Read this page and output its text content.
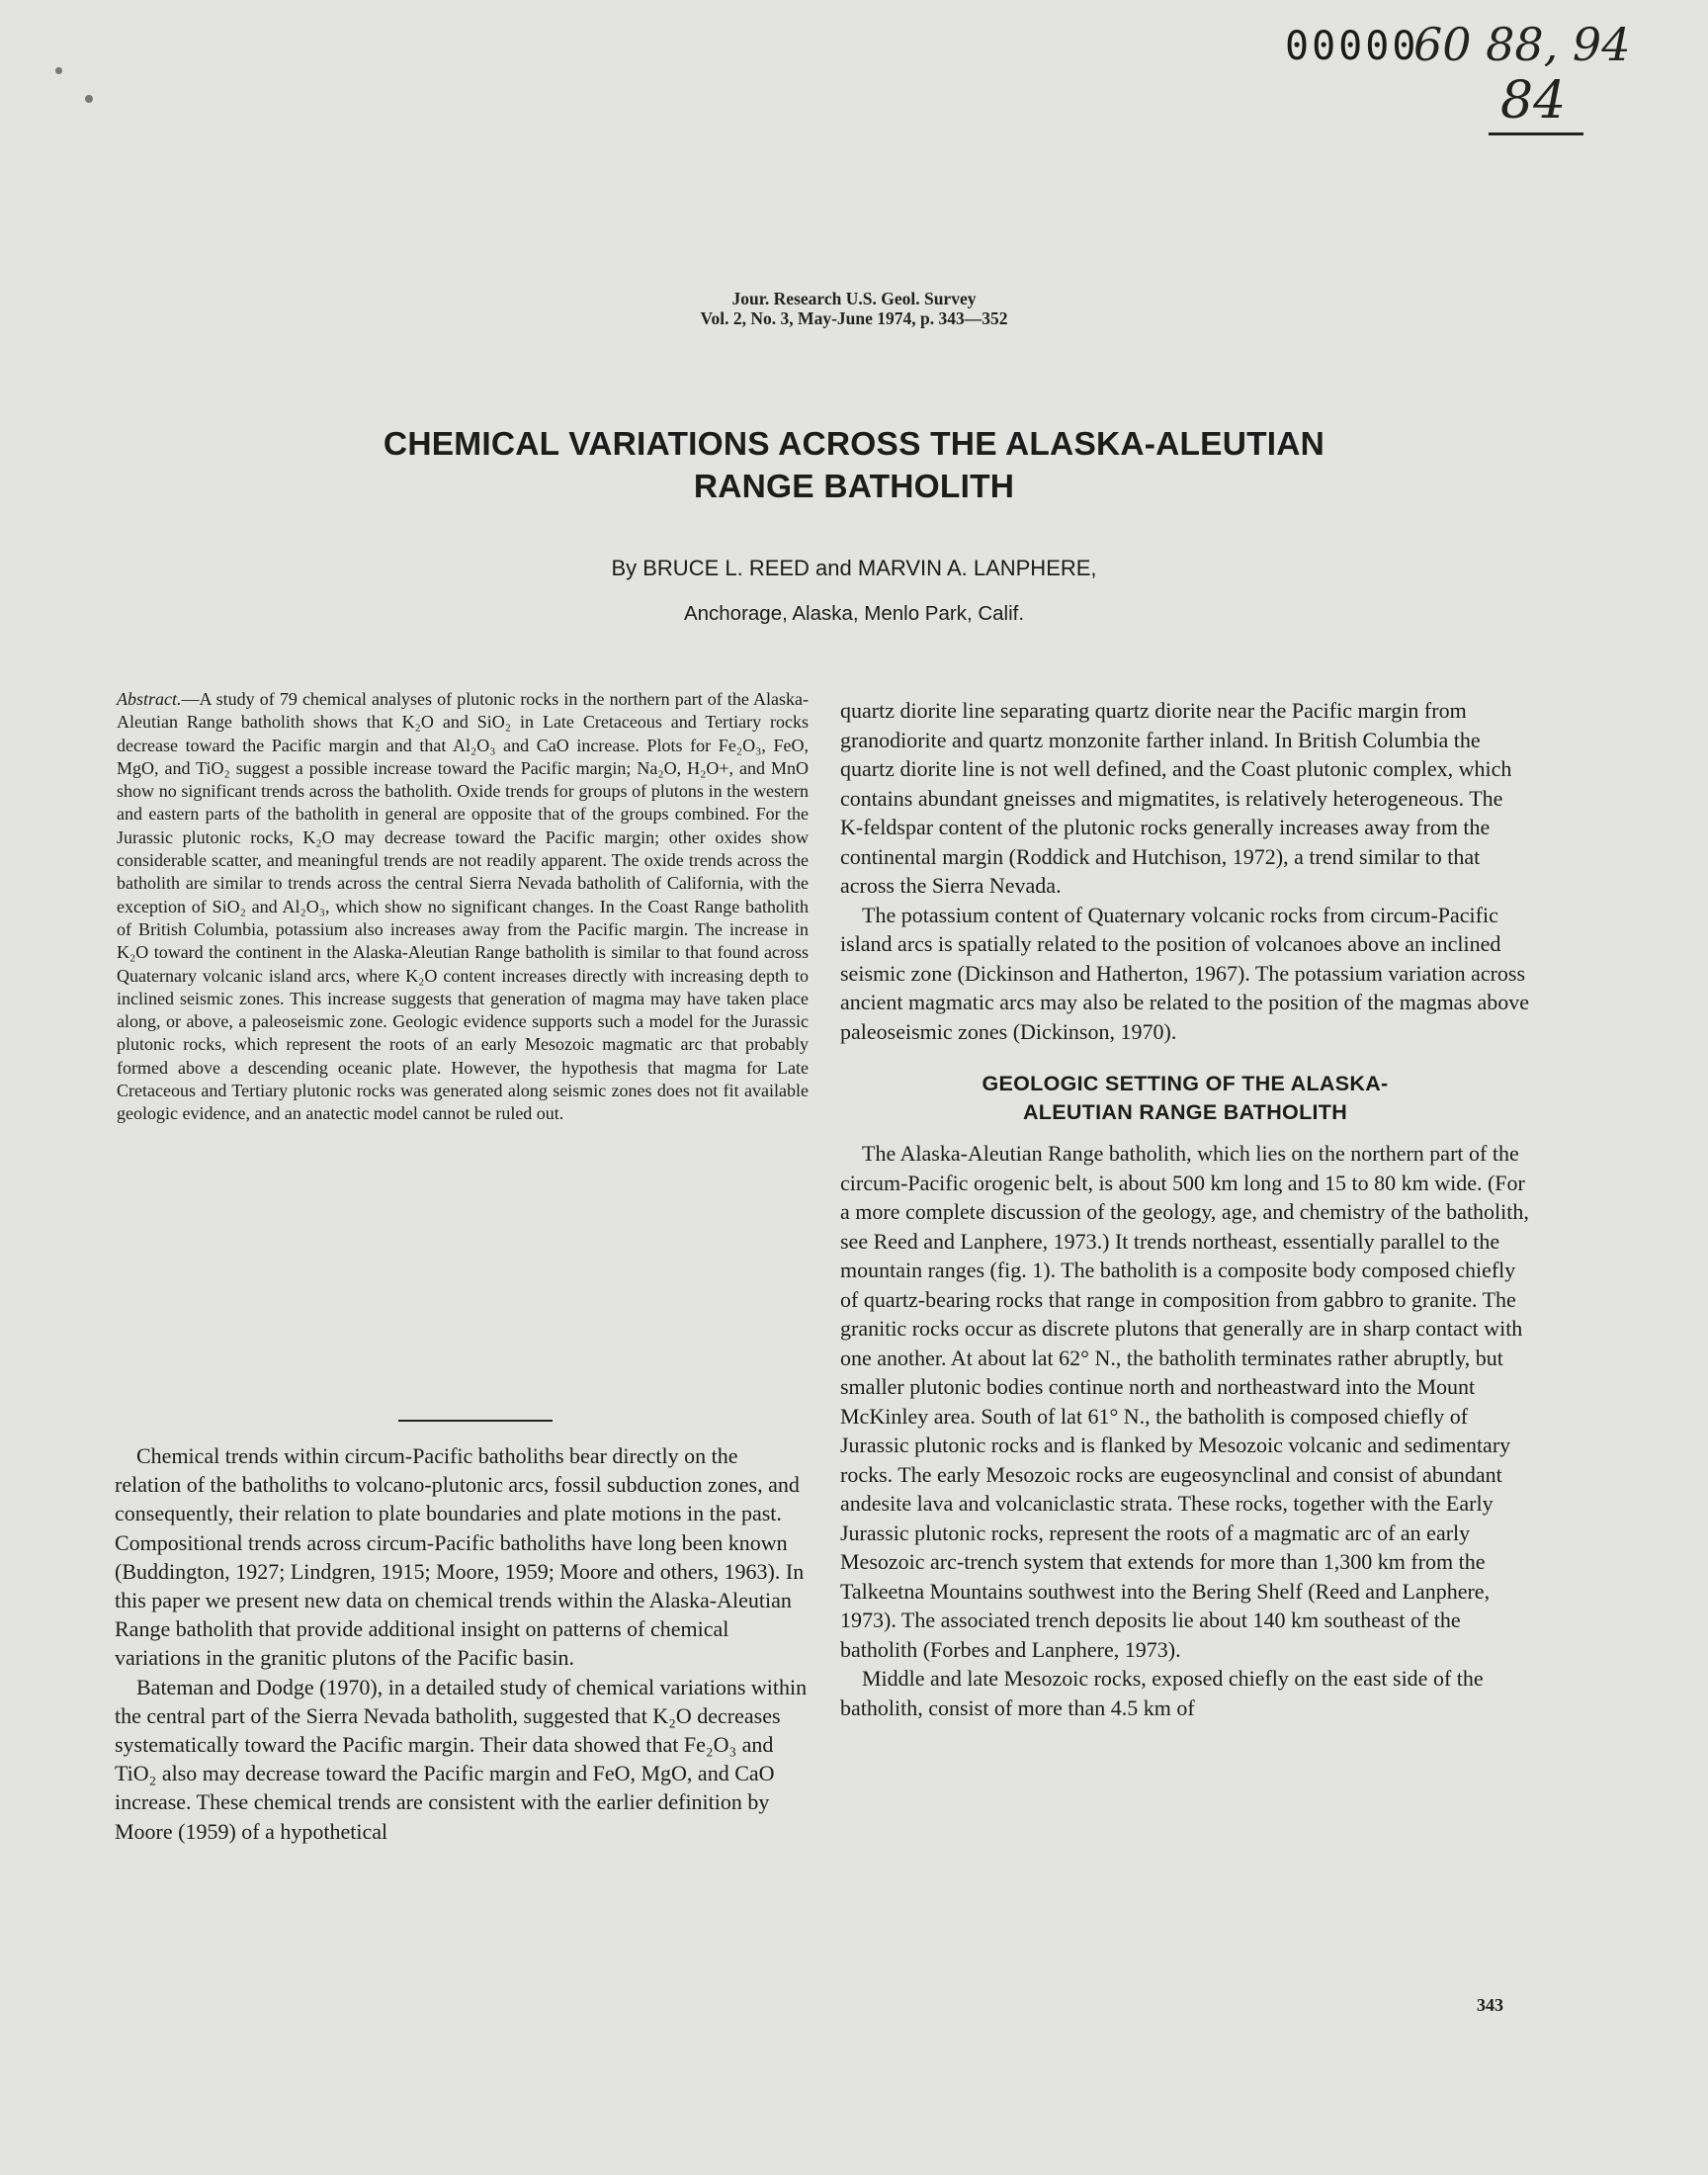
00000
60 88, 94
84
Jour. Research U.S. Geol. Survey
Vol. 2, No. 3, May-June 1974, p. 343—352
CHEMICAL VARIATIONS ACROSS THE ALASKA-ALEUTIAN
RANGE BATHOLITH
By BRUCE L. REED and MARVIN A. LANPHERE,
Anchorage, Alaska, Menlo Park, Calif.

Abstract.—A study of 79 chemical analyses of plutonic rocks in the northern part of the Alaska-Aleutian Range batholith shows that K₂O and SiO₂ in Late Cretaceous and Tertiary rocks decrease toward the Pacific margin and that Al₂O₃ and CaO increase. Plots for Fe₂O₃, FeO, MgO, and TiO₂ suggest a possible increase toward the Pacific margin; Na₂O, H₂O+, and MnO show no significant trends across the batholith. Oxide trends for groups of plutons in the western and eastern parts of the batholith in general are opposite that of the groups combined. For the Jurassic plutonic rocks, K₂O may decrease toward the Pacific margin; other oxides show considerable scatter, and meaningful trends are not readily apparent. The oxide trends across the batholith are similar to trends across the central Sierra Nevada batholith of California, with the exception of SiO₂ and Al₂O₃, which show no significant changes. In the Coast Range batholith of British Columbia, potassium also increases away from the Pacific margin. The increase in K₂O toward the continent in the Alaska-Aleutian Range batholith is similar to that found across Quaternary volcanic island arcs, where K₂O content increases directly with increasing depth to inclined seismic zones. This increase suggests that generation of magma may have taken place along, or above, a paleoseismic zone. Geologic evidence supports such a model for the Jurassic plutonic rocks, which represent the roots of an early Mesozoic magmatic arc that probably formed above a descending oceanic plate. However, the hypothesis that magma for Late Cretaceous and Tertiary plutonic rocks was generated along seismic zones does not fit available geologic evidence, and an anatectic model cannot be ruled out.

Chemical trends within circum-Pacific batholiths bear directly on the relation of the batholiths to volcano-plutonic arcs, fossil subduction zones, and consequently, their relation to plate boundaries and plate motions in the past. Compositional trends across circum-Pacific batholiths have long been known (Buddington, 1927; Lindgren, 1915; Moore, 1959; Moore and others, 1963). In this paper we present new data on chemical trends within the Alaska-Aleutian Range batholith that provide additional insight on patterns of chemical variations in the granitic plutons of the Pacific basin.

Bateman and Dodge (1970), in a detailed study of chemical variations within the central part of the Sierra Nevada batholith, suggested that K₂O decreases systematically toward the Pacific margin. Their data showed that Fe₂O₃ and TiO₂ also may decrease toward the Pacific margin and FeO, MgO, and CaO increase. These chemical trends are consistent with the earlier definition by Moore (1959) of a hypothetical

quartz diorite line separating quartz diorite near the Pacific margin from granodiorite and quartz monzonite farther inland. In British Columbia the quartz diorite line is not well defined, and the Coast plutonic complex, which contains abundant gneisses and migmatites, is relatively heterogeneous. The K-feldspar content of the plutonic rocks generally increases away from the continental margin (Roddick and Hutchison, 1972), a trend similar to that across the Sierra Nevada.

The potassium content of Quaternary volcanic rocks from circum-Pacific island arcs is spatially related to the position of volcanoes above an inclined seismic zone (Dickinson and Hatherton, 1967). The potassium variation across ancient magmatic arcs may also be related to the position of the magmas above paleoseismic zones (Dickinson, 1970).

GEOLOGIC SETTING OF THE ALASKA-
ALEUTIAN RANGE BATHOLITH

The Alaska-Aleutian Range batholith, which lies on the northern part of the circum-Pacific orogenic belt, is about 500 km long and 15 to 80 km wide. (For a more complete discussion of the geology, age, and chemistry of the batholith, see Reed and Lanphere, 1973.) It trends northeast, essentially parallel to the mountain ranges (fig. 1). The batholith is a composite body composed chiefly of quartz-bearing rocks that range in composition from gabbro to granite. The granitic rocks occur as discrete plutons that generally are in sharp contact with one another. At about lat 62° N., the batholith terminates rather abruptly, but smaller plutonic bodies continue north and northeastward into the Mount McKinley area. South of lat 61° N., the batholith is composed chiefly of Jurassic plutonic rocks and is flanked by Mesozoic volcanic and sedimentary rocks. The early Mesozoic rocks are eugeosynclinal and consist of abundant andesite lava and volcaniclastic strata. These rocks, together with the Early Jurassic plutonic rocks, represent the roots of a magmatic arc of an early Mesozoic arc-trench system that extends for more than 1,300 km from the Talkeetna Mountains southwest into the Bering Shelf (Reed and Lanphere, 1973). The associated trench deposits lie about 140 km southeast of the batholith (Forbes and Lanphere, 1973).

Middle and late Mesozoic rocks, exposed chiefly on the east side of the batholith, consist of more than 4.5 km of

343
